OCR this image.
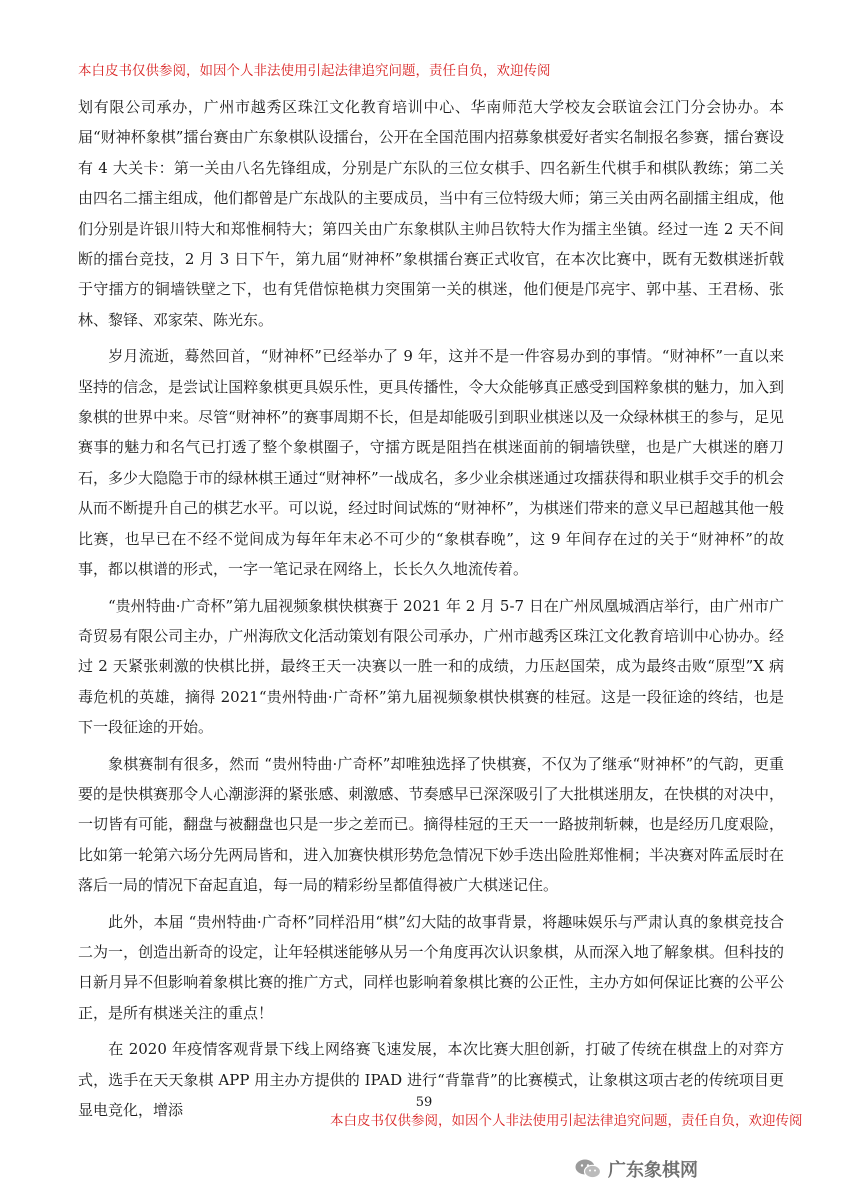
本白皮书仅供参阅，如因个人非法使用引起法律追究问题，责任自负，欢迎传阅

划有限公司承办，广州市越秀区珠江文化教育培训中心、华南师范大学校友会联谊会江门分会协办。本届“财神杯象棋”擂台赛由广东象棋队设擂台，公开在全国范围内招募象棋爱好者实名制报名参赛，擂台赛设有 4 大关卡：第一关由八名先锋组成，分别是广东队的三位女棋手、四名新生代棋手和棋队教练；第二关由四名二擂主组成，他们都曾是广东战队的主要成员，当中有三位特级大师；第三关由两名副擂主组成，他们分别是许银川特大和郑惟桐特大；第四关由广东象棋队主帅吕钦特大作为擂主坐镇。经过一连 2 天不间断的擂台竞技，2 月 3 日下午，第九届“财神杯”象棋擂台赛正式收官，在本次比赛中，既有无数棋迷折戟于守擂方的铜墙铁壁之下，也有凭借惊艳棋力突围第一关的棋迷，他们便是邝亮宇、郭中基、王君杨、张林、黎铎、邓家荣、陈光东。

岁月流逝，蓦然回首，“财神杯”已经举办了 9 年，这并不是一件容易办到的事情。“财神杯”一直以来坚持的信念，是尝试让国粹象棋更具娱乐性，更具传播性，令大众能够真正感受到国粹象棋的魅力，加入到象棋的世界中来。尽管“财神杯”的赛事周期不长，但是却能吸引到职业棋迷以及一众绿林棋王的参与，足见赛事的魅力和名气已打透了整个象棋圈子，守擂方既是阻挡在棋迷面前的铜墙铁壁，也是广大棋迷的磨刀石，多少大隐隐于市的绿林棋王通过“财神杯”一战成名，多少业余棋迷通过攻擂获得和职业棋手交手的机会从而不断提升自己的棋艺水平。可以说，经过时间试炼的“财神杯”，为棋迷们带来的意义早已超越其他一般比赛，也早已在不经不觉间成为每年年末必不可少的“象棋春晚”，这 9 年间存在过的关于“财神杯”的故事，都以棋谱的形式，一字一笔记录在网络上，长长久久地流传着。

“贵州特曲·广奇杯”第九届视频象棋快棋赛于 2021 年 2 月 5-7 日在广州凤凰城酒店举行，由广州市广奇贸易有限公司主办，广州海欣文化活动策划有限公司承办，广州市越秀区珠江文化教育培训中心协办。经过 2 天紧张刺激的快棋比拼，最终王天一决赛以一胜一和的成绩，力压赵国荣，成为最终击败“原型”X 病毒危机的英雄，摘得 2021“贵州特曲·广奇杯”第九届视频象棋快棋赛的桂冠。这是一段征途的终结，也是下一段征途的开始。

象棋赛制有很多，然而 “贵州特曲·广奇杯”却唯独选择了快棋赛，不仅为了继承“财神杯”的气韵，更重要的是快棋赛那令人心潮澎湃的紧张感、刺激感、节奏感早已深深吸引了大批棋迷朋友，在快棋的对决中，一切皆有可能，翻盘与被翻盘也只是一步之差而已。摘得桂冠的王天一一路披荆斩棘，也是经历几度艰险，比如第一轮第六场分先两局皆和，进入加赛快棋形势危急情况下妙手迭出险胜郑惟桐；半决赛对阵孟辰时在落后一局的情况下奋起直追，每一局的精彩纷呈都值得被广大棋迷记住。

此外，本届 “贵州特曲·广奇杯”同样沿用“棋”幻大陆的故事背景，将趣味娱乐与严肃认真的象棋竞技合二为一，创造出新奇的设定，让年轻棋迷能够从另一个角度再次认识象棋，从而深入地了解象棋。但科技的日新月异不但影响着象棋比赛的推广方式，同样也影响着象棋比赛的公正性，主办方如何保证比赛的公平公正，是所有棋迷关注的重点！

在 2020 年疫情客观背景下线上网络赛飞速发展，本次比赛大胆创新，打破了传统在棋盘上的对弈方式，选手在天天象棋 APP 用主办方提供的 IPAD 进行“背靠背”的比赛模式，让象棋这项古老的传统项目更显电竞化，增添	59
本白皮书仅供参阅，如因个人非法使用引起法律追究问题，责任自负，欢迎传阅
广东象棋网
